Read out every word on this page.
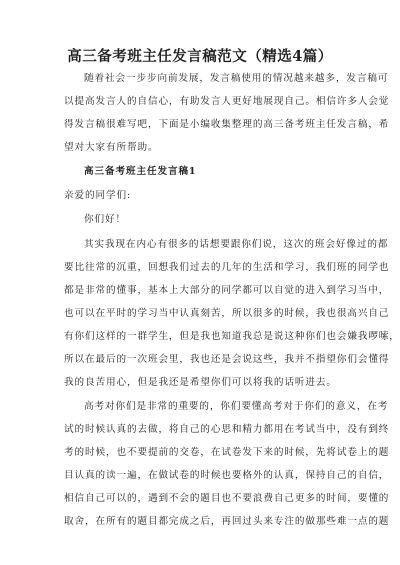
高三备考班主任发言稿范文（精选4篇）
随着社会一步步向前发展，发言稿使用的情况越来越多，发言稿可
以提高发言人的自信心，有助发言人更好地展现自己。相信许多人会觉
得发言稿很难写吧，下面是小编收集整理的高三备考班主任发言稿，希
望对大家有所帮助。
高三备考班主任发言稿1
亲爱的同学们:
你们好！
其实我现在内心有很多的话想要跟你们说，这次的班会好像过的都
要比往常的沉重，回想我们过去的几年的生活和学习，我们班的同学也
都是非常的懂事，基本上大部分的同学都可以自觉的进入到学习当中，
也可以在平时的学习当中认真刻苦，所以很多的时候，我也很高兴自己
有你们这样的一群学生，但是我也知道我总是说这种你们也会嫌我啰嗦，
所以在最后的一次班会里，我也还是会说这些，我并不指望你们会懂得
我的良苦用心，但是我还是希望你们可以将我的话听进去。
高考对你们是非常的重要的，你们要懂高考对于你们的意义，在考
试的时候认真的去做，将自己的心思和精力都用在考试当中，没有到终
考的时候，也不要提前的交卷，在试卷发下来的时候，先将试卷上的题
目认真的读一遍，在做试卷的时候也要格外的认真，保持自己的自信，
相信自己可以的，遇到不会的题目也不要浪费自己更多的时间，要懂的
取舍，在所有的题目都完成之后，再回过头来专注的做那些难一点的题
